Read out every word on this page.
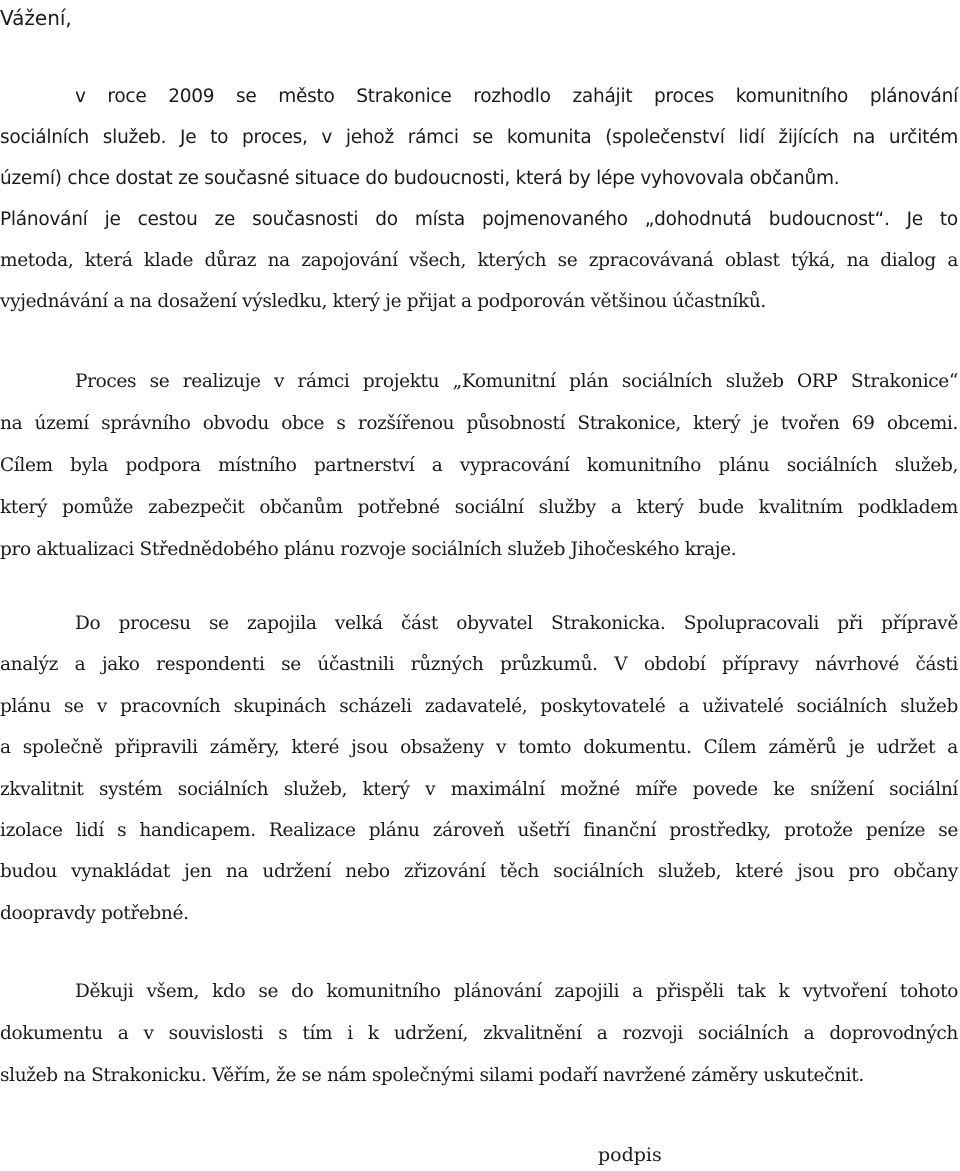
Vážení,
v roce 2009 se město Strakonice rozhodlo zahájit proces komunitního plánování
sociálních služeb. Je to proces, v jehož rámci se komunita (společenství lidí žijících na určitém
území) chce dostat ze současné situace do budoucnosti, která by lépe vyhovovala občanům.
Plánování je cestou ze současnosti do místa pojmenovaného „dohodnutá budoucnost“. Je to
metoda, která klade důraz na zapojování všech, kterých se zpracovávaná oblast týká, na dialog a
vyjednávání a na dosažení výsledku, který je přijat a podporován většinou účastníků.
Proces se realizuje v rámci projektu „Komunitní plán sociálních služeb ORP Strakonice“
na území správního obvodu obce s rozšířenou působností Strakonice, který je tvořen 69 obcemi.
Cílem byla podpora místního partnerství a vypracování komunitního plánu sociálních služeb,
který pomůže zabezpečit občanům potřebné sociální služby a který bude kvalitním podkladem
pro aktualizaci Střednědobého plánu rozvoje sociálních služeb Jihočeského kraje.
Do procesu se zapojila velká část obyvatel Strakonicka. Spolupracovali při přípravě
analýz a jako respondenti se účastnili různých průzkumů. V období přípravy návrhové části
plánu se v pracovních skupinách scházeli zadavatelé, poskytovatelé a uživatelé sociálních služeb
a společně připravili záměry, které jsou obsaženy v tomto dokumentu. Cílem záměrů je udržet a
zkvalitnit systém sociálních služeb, který v maximální možné míře povede ke snížení sociální
izolace lidí s handicapem. Realizace plánu zároveň ušetří finanční prostředky, protože peníze se
budou vynakládat jen na udržení nebo zřizování těch sociálních služeb, které jsou pro občany
doopravdy potřebné.
Děkuji všem, kdo se do komunitního plánování zapojili a přispěli tak k vytvoření tohoto
dokumentu a v souvislosti s tím i k udržení, zkvalitnění a rozvoji sociálních a doprovodných
služeb na Strakonicku. Věřím, že se nám společnými silami podaří navržené záměry uskutečnit.
podpis
